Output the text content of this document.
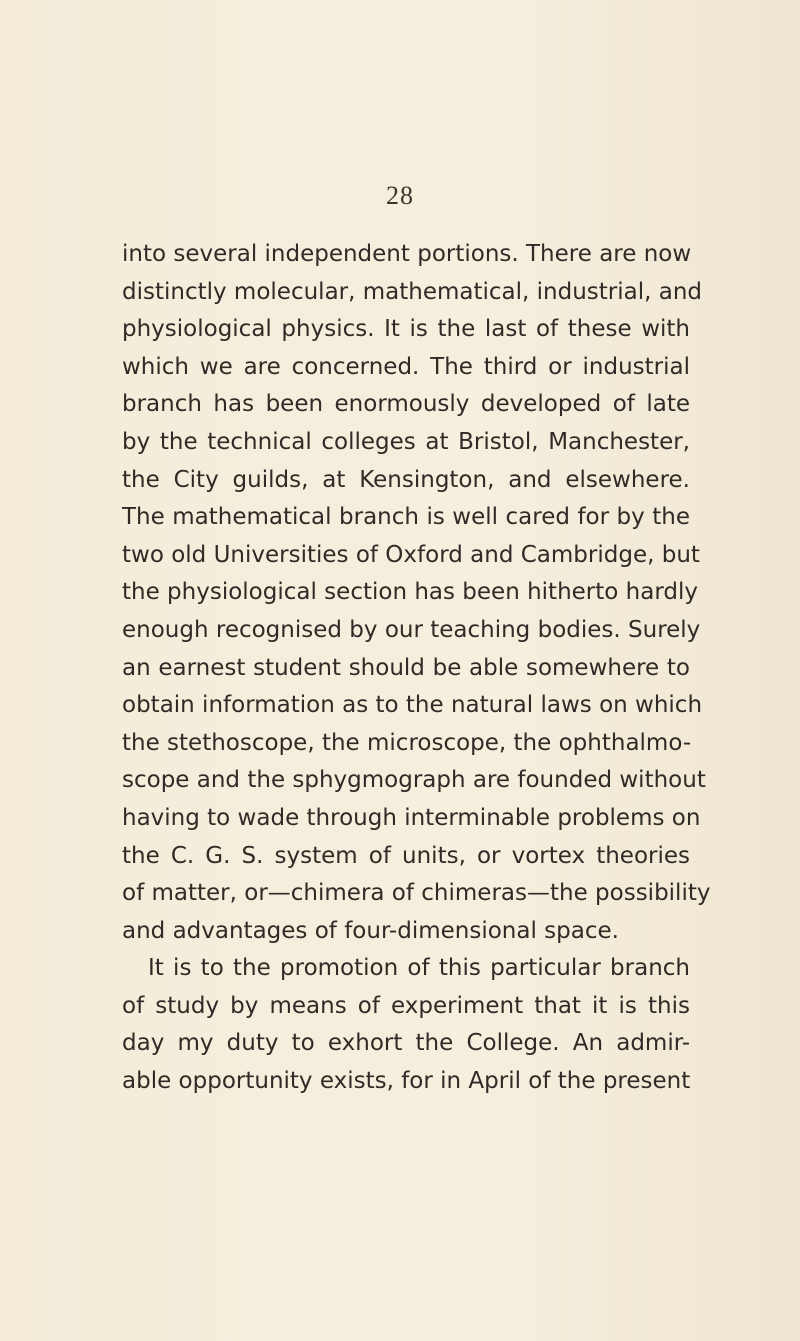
28
into several independent portions. There are now
distinctly molecular, mathematical, industrial, and
physiological physics. It is the last of these with
which we are concerned. The third or industrial
branch has been enormously developed of late
by the technical colleges at Bristol, Manchester,
the City guilds, at Kensington, and elsewhere.
The mathematical branch is well cared for by the
two old Universities of Oxford and Cambridge, but
the physiological section has been hitherto hardly
enough recognised by our teaching bodies. Surely
an earnest student should be able somewhere to
obtain information as to the natural laws on which
the stethoscope, the microscope, the ophthalmo-
scope and the sphygmograph are founded without
having to wade through interminable problems on
the C. G. S. system of units, or vortex theories
of matter, or—chimera of chimeras—the possibility
and advantages of four-dimensional space.
It is to the promotion of this particular branch
of study by means of experiment that it is this
day my duty to exhort the College. An admir-
able opportunity exists, for in April of the present
